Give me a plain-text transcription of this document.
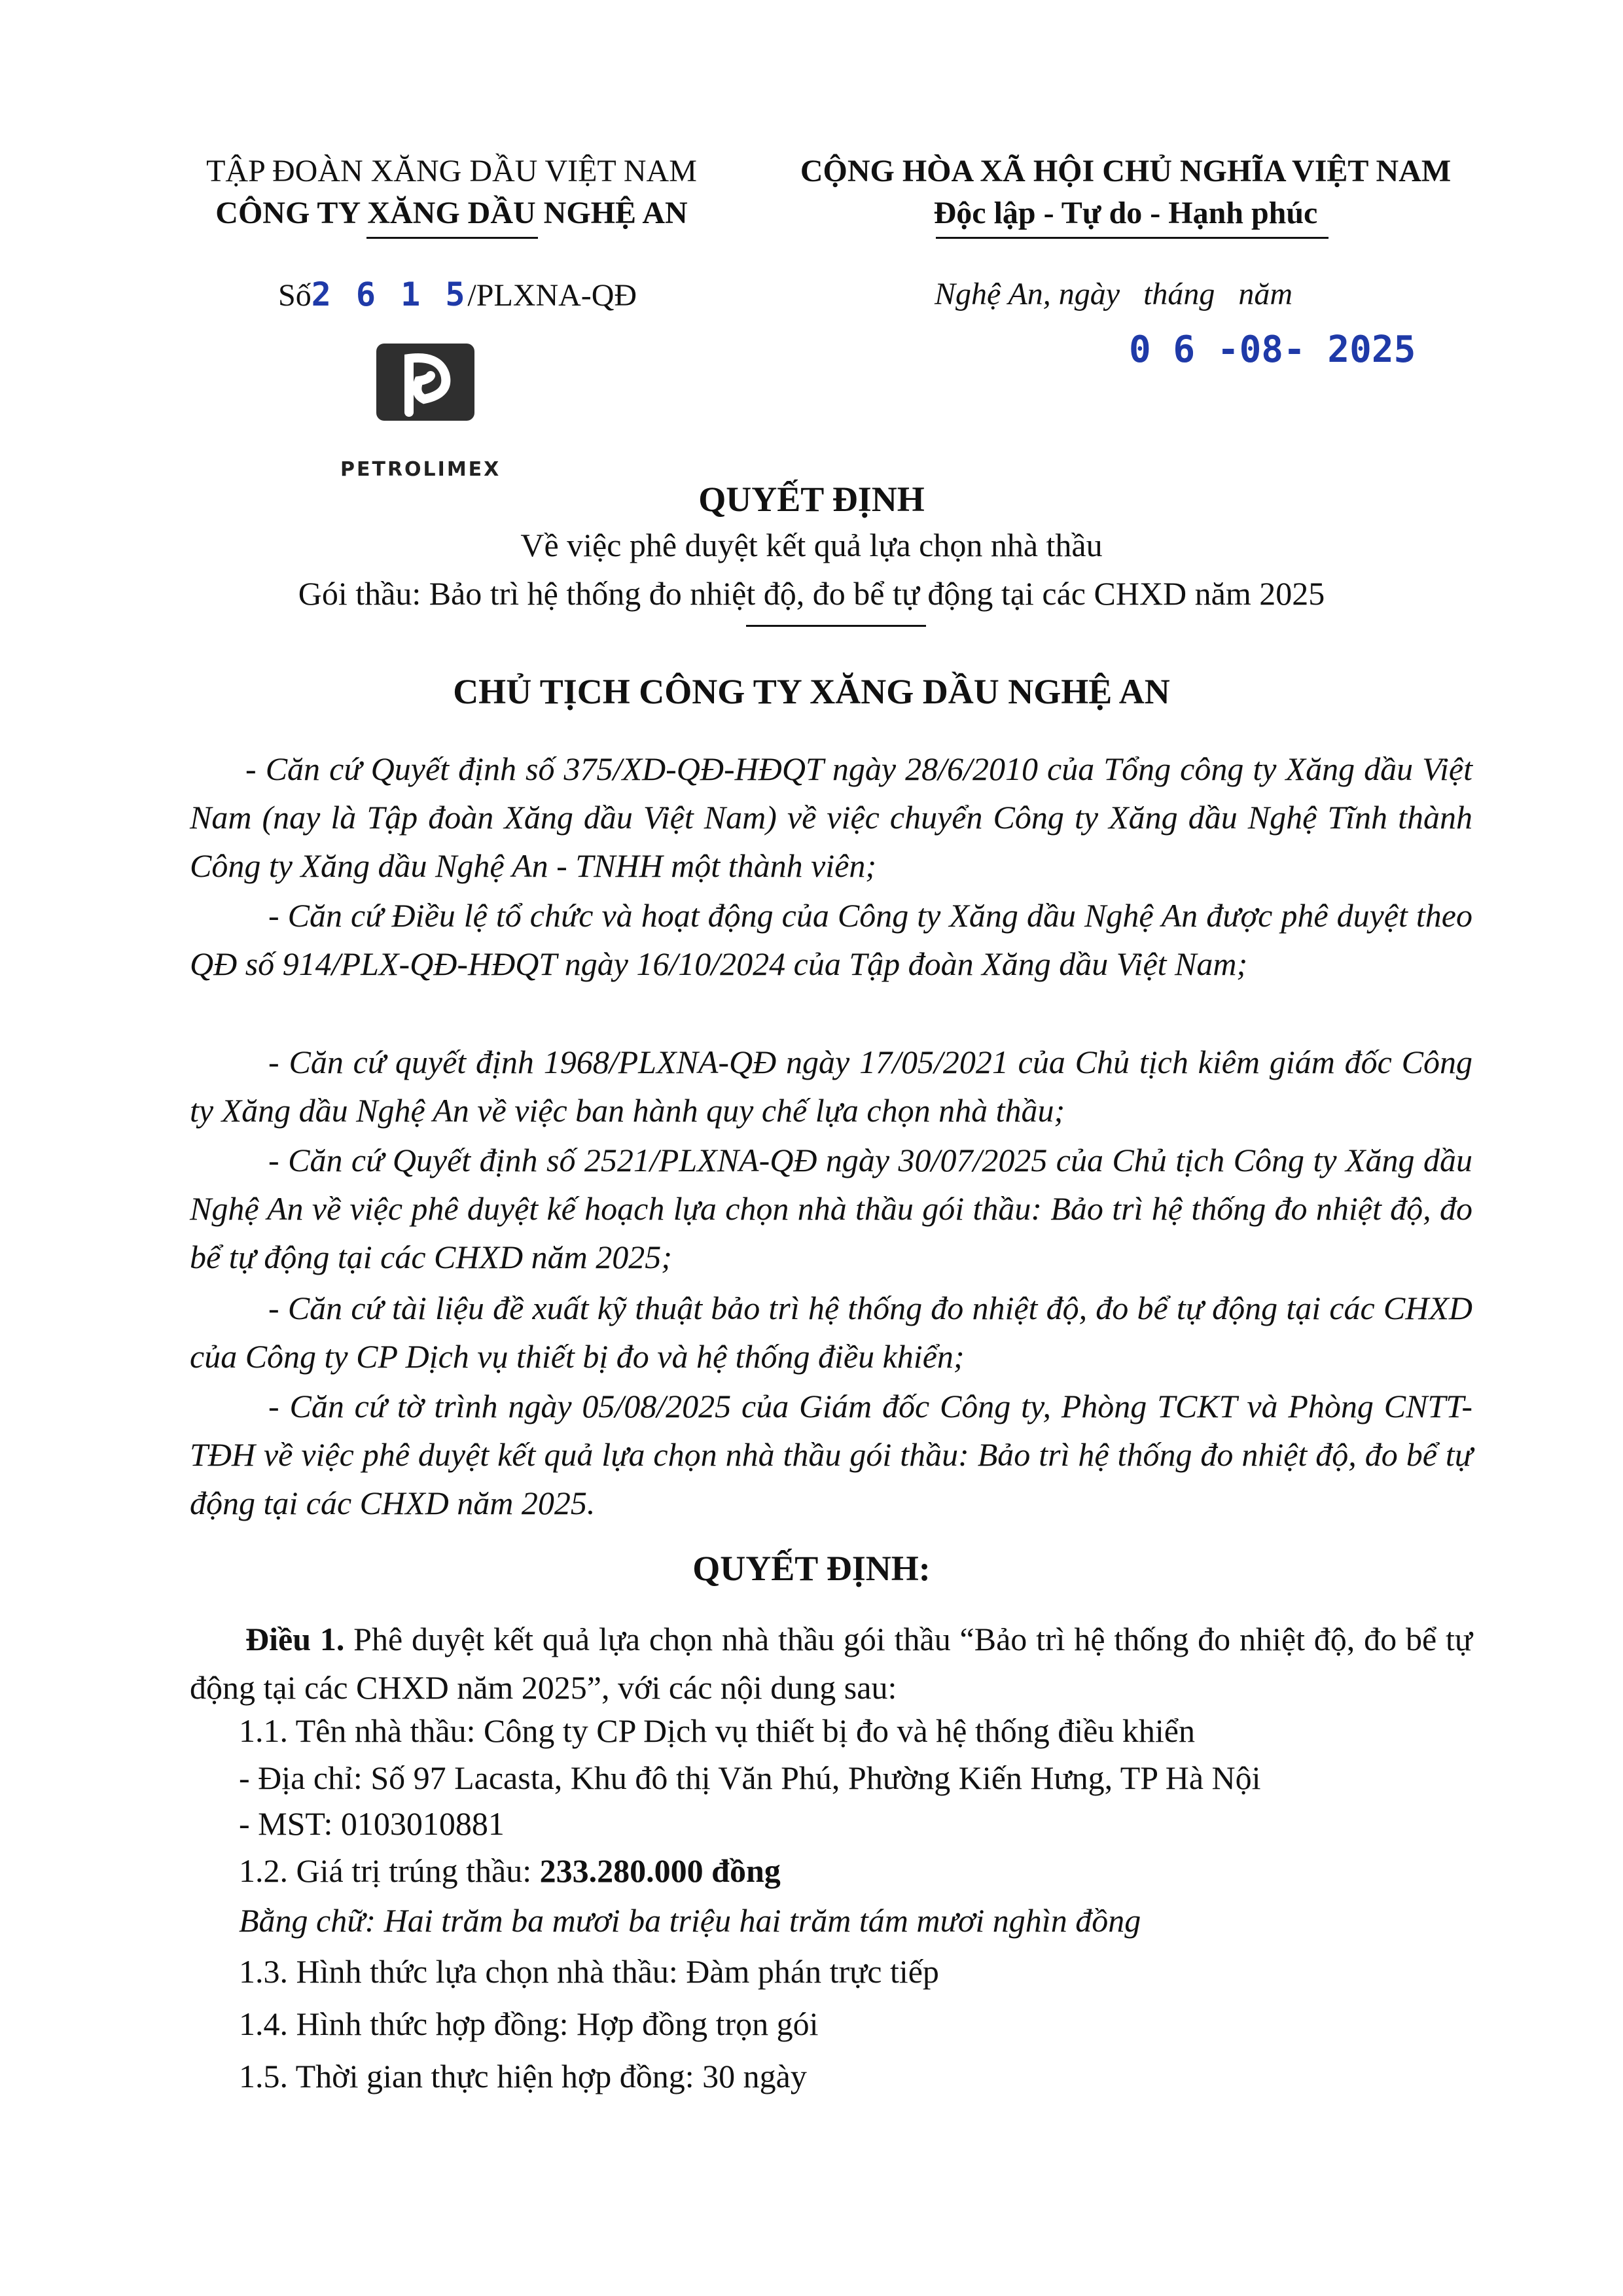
TẬP ĐOÀN XĂNG DẦU VIỆT NAM
CÔNG TY XĂNG DẦU NGHỆ AN
CỘNG HÒA XÃ HỘI CHỦ NGHĨA VIỆT NAM
Độc lập - Tự do - Hạnh phúc
Số2 6 1 5/PLXNA-QĐ	Nghệ An, ngày   tháng   năm
0 6 -08- 2025
PETROLIMEX
QUYẾT ĐỊNH
Về việc phê duyệt kết quả lựa chọn nhà thầu
Gói thầu: Bảo trì hệ thống đo nhiệt độ, đo bể tự động tại các CHXD năm 2025
CHỦ TỊCH CÔNG TY XĂNG DẦU NGHỆ AN
- Căn cứ Quyết định số 375/XD-QĐ-HĐQT ngày 28/6/2010 của Tổng công ty Xăng dầu Việt Nam (nay là Tập đoàn Xăng dầu Việt Nam) về việc chuyển Công ty Xăng dầu Nghệ Tĩnh thành Công ty Xăng dầu Nghệ An - TNHH một thành viên;
- Căn cứ Điều lệ tổ chức và hoạt động của Công ty Xăng dầu Nghệ An được phê duyệt theo QĐ số 914/PLX-QĐ-HĐQT ngày 16/10/2024 của Tập đoàn Xăng dầu Việt Nam;
- Căn cứ quyết định 1968/PLXNA-QĐ ngày 17/05/2021 của Chủ tịch kiêm giám đốc Công ty Xăng dầu Nghệ An về việc ban hành quy chế lựa chọn nhà thầu;
- Căn cứ Quyết định số 2521/PLXNA-QĐ ngày 30/07/2025 của Chủ tịch Công ty Xăng dầu Nghệ An về việc phê duyệt kế hoạch lựa chọn nhà thầu gói thầu: Bảo trì hệ thống đo nhiệt độ, đo bể tự động tại các CHXD năm 2025;
- Căn cứ tài liệu đề xuất kỹ thuật bảo trì hệ thống đo nhiệt độ, đo bể tự động tại các CHXD của Công ty CP Dịch vụ thiết bị đo và hệ thống điều khiển;
- Căn cứ tờ trình ngày 05/08/2025 của Giám đốc Công ty, Phòng TCKT và Phòng CNTT-TĐH về việc phê duyệt kết quả lựa chọn nhà thầu gói thầu: Bảo trì hệ thống đo nhiệt độ, đo bể tự động tại các CHXD năm 2025.
QUYẾT ĐỊNH:
Điều 1. Phê duyệt kết quả lựa chọn nhà thầu gói thầu “Bảo trì hệ thống đo nhiệt độ, đo bể tự động tại các CHXD năm 2025”, với các nội dung sau:
1.1. Tên nhà thầu: Công ty CP Dịch vụ thiết bị đo và hệ thống điều khiển
- Địa chỉ: Số 97 Lacasta, Khu đô thị Văn Phú, Phường Kiến Hưng, TP Hà Nội
- MST: 0103010881
1.2. Giá trị trúng thầu: 233.280.000 đồng
Bằng chữ: Hai trăm ba mươi ba triệu hai trăm tám mươi nghìn đồng
1.3. Hình thức lựa chọn nhà thầu: Đàm phán trực tiếp
1.4. Hình thức hợp đồng: Hợp đồng trọn gói
1.5. Thời gian thực hiện hợp đồng: 30 ngày
